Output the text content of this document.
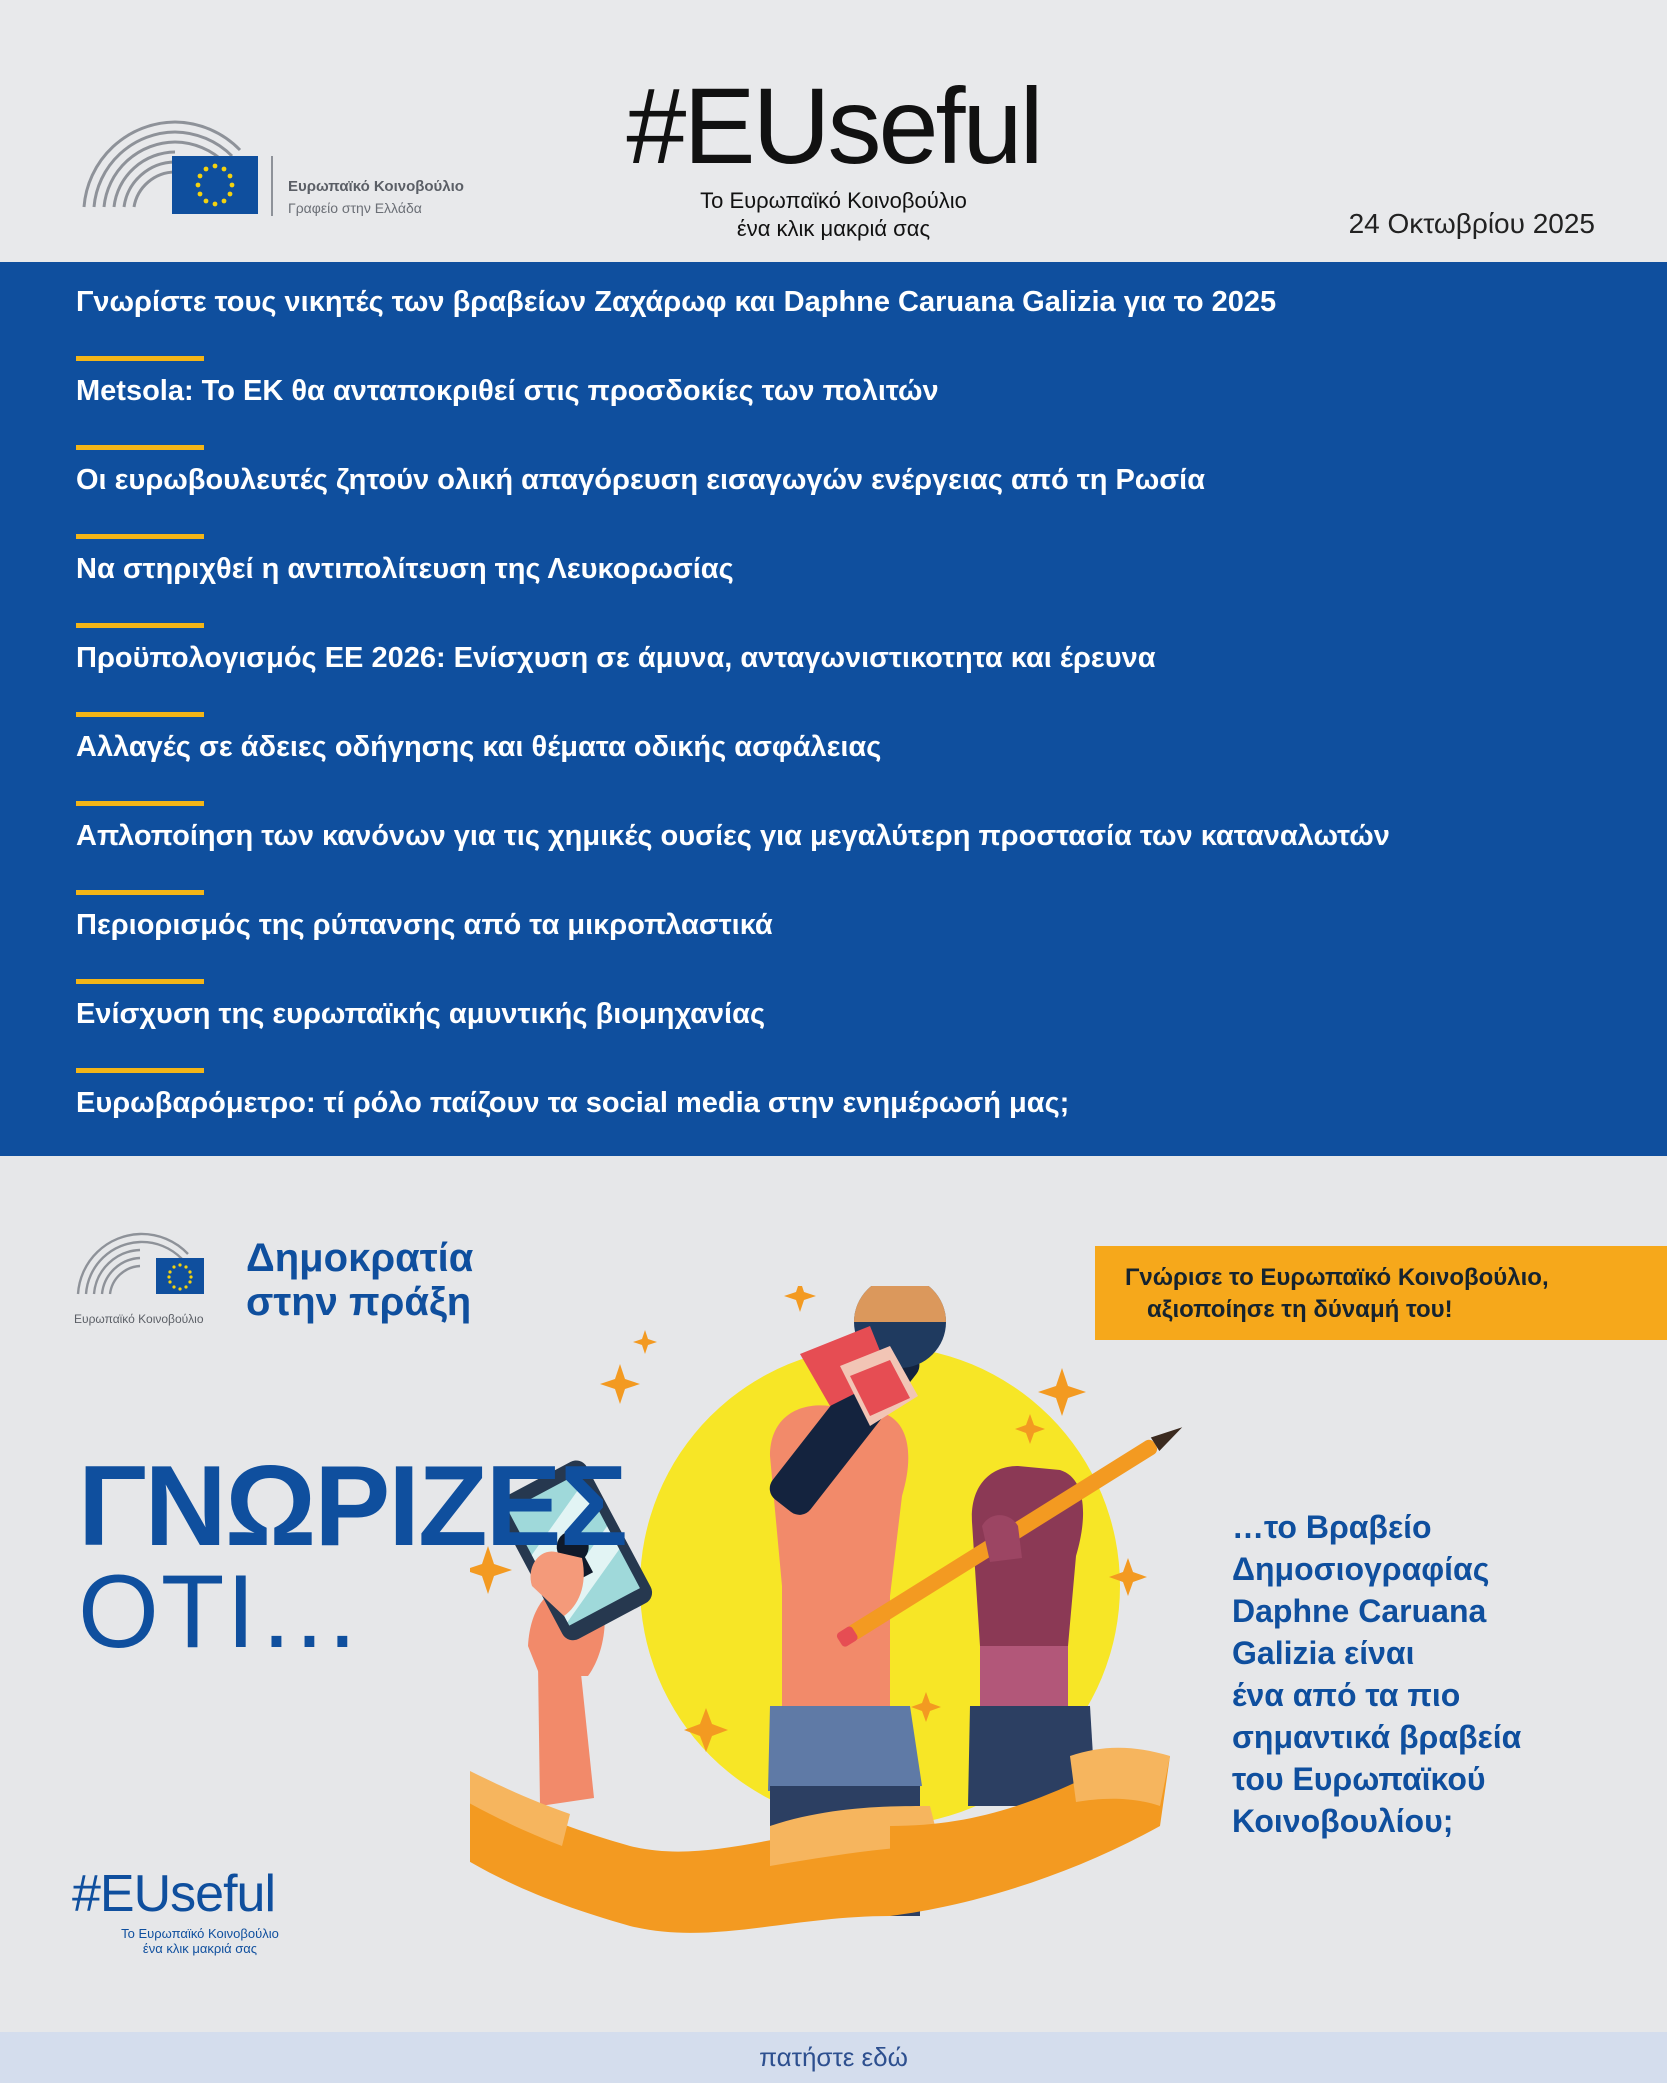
Ευρωπαϊκό Κοινοβούλιο
Γραφείο στην Ελλάδα
#EUseful
Το Ευρωπαϊκό Κοινοβούλιο
ένα κλικ μακριά σας	24 Οκτωβρίου 2025
Γνωρίστε τους νικητές των βραβείων Ζαχάρωφ και Daphne Caruana Galizia για το 2025
Metsola: Το ΕΚ θα ανταποκριθεί στις προσδοκίες των πολιτών
Οι ευρωβουλευτές ζητούν ολική απαγόρευση εισαγωγών ενέργειας από τη Ρωσία
Να στηριχθεί η αντιπολίτευση της Λευκορωσίας
Προϋπολογισμός ΕΕ 2026: Ενίσχυση σε άμυνα, ανταγωνιστικοτητα και έρευνα
Αλλαγές σε άδειες οδήγησης και θέματα οδικής ασφάλειας
Απλοποίηση των κανόνων για τις χημικές ουσίες για μεγαλύτερη προστασία των καταναλωτών
Περιορισμός της ρύπανσης από τα μικροπλαστικά
Ενίσχυση της ευρωπαϊκής αμυντικής βιομηχανίας
Ευρωβαρόμετρο: τί ρόλο παίζουν τα social media στην ενημέρωσή μας;
Ευρωπαϊκό Κοινοβούλιο
Δημοκρατία
στην πράξη
Γνώρισε το Ευρωπαϊκό Κοινοβούλιο,
αξιοποίησε τη δύναμή του!
ΓΝΩΡΙΖΕΣ
ΟΤΙ…
…το Βραβείο
Δημοσιογραφίας
Daphne Caruana
Galizia είναι
ένα από τα πιο
σημαντικά βραβεία
του Ευρωπαϊκού
Κοινοβουλίου;
#EUseful
Το Ευρωπαϊκό Κοινοβούλιο
ένα κλικ μακριά σας
πατήστε εδώ
